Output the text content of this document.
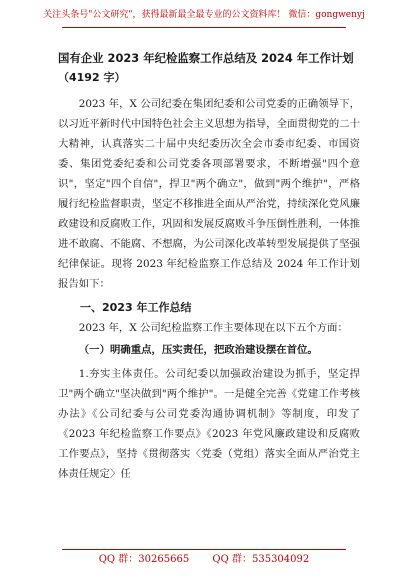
关注头条号"公文研究"，获得最新最全最专业的公文资料库！ 微信：gongwenyj

国有企业 2023 年纪检监察工作总结及 2024 年工作计划

（4192 字）

2023 年，X 公司纪委在集团纪委和公司党委的正确领导下，以习近平新时代中国特色社会主义思想为指导，全面贯彻党的二十大精神，认真落实二十届中央纪委历次全会市委市纪委、市国资委、集团党委纪委和公司党委各项部署要求，不断增强"四个意识"，坚定"四个自信"，捍卫"两个确立"，做到"两个维护"，严格履行纪检监督职责，坚定不移推进全面从严治党，持续深化党风廉政建设和反腐败工作，巩固和发展反腐败斗争压倒性胜利，一体推进不敢腐、不能腐、不想腐，为公司深化改革转型发展提供了坚强纪律保证。现将 2023 年纪检监察工作总结及 2024 年工作计划报告如下：

一、2023 年工作总结

2023 年，X 公司纪检监察工作主要体现在以下五个方面：

（一）明确重点，压实责任，把政治建设摆在首位。

1.夯实主体责任。公司纪委以加强政治建设为抓手，坚定捍卫"两个确立"坚决做到"两个维护"。一是健全完善《党建工作考核办法》《公司纪委与公司党委沟通协调机制》等制度，印发了《2023 年纪检监察工作要点》《2023 年党风廉政建设和反腐败工作要点》，坚持《贯彻落实〈党委（党组）落实全面从严治党主体责任规定〉任

QQ 群：30265665 QQ 群：535304092
